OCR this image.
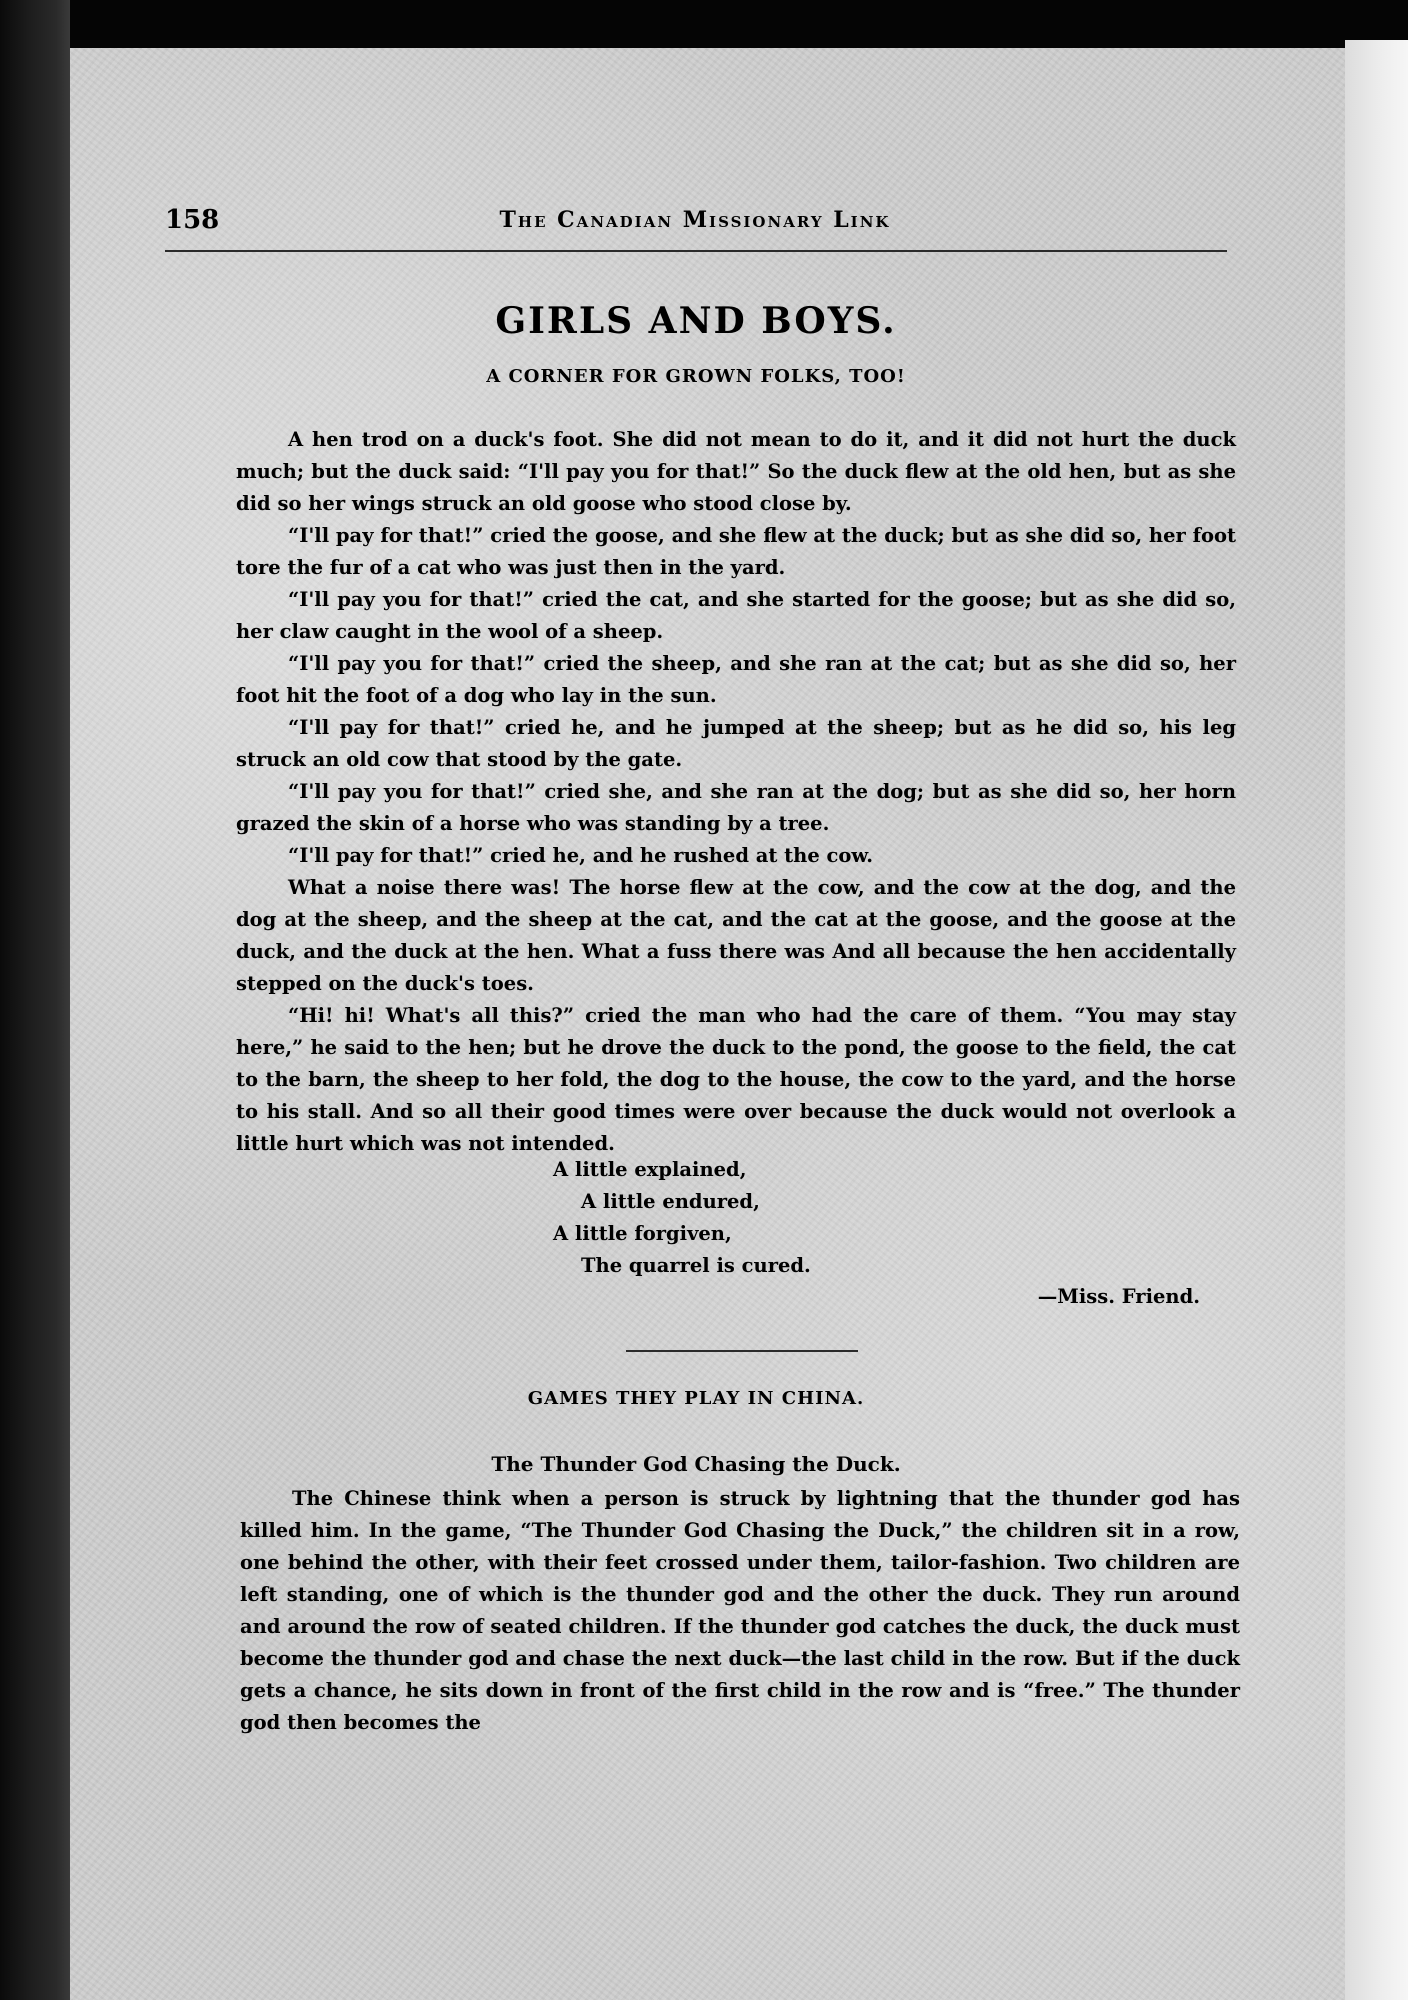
158	The Canadian Missionary Link
GIRLS AND BOYS.
A CORNER FOR GROWN FOLKS, TOO!

A hen trod on a duck's foot. She did not mean to do it, and it did not hurt the duck much; but the duck said: “I'll pay you for that!” So the duck flew at the old hen, but as she did so her wings struck an old goose who stood close by.

“I'll pay for that!” cried the goose, and she flew at the duck; but as she did so, her foot tore the fur of a cat who was just then in the yard.

“I'll pay you for that!” cried the cat, and she started for the goose; but as she did so, her claw caught in the wool of a sheep.

“I'll pay you for that!” cried the sheep, and she ran at the cat; but as she did so, her foot hit the foot of a dog who lay in the sun.

“I'll pay for that!” cried he, and he jumped at the sheep; but as he did so, his leg struck an old cow that stood by the gate.

“I'll pay you for that!” cried she, and she ran at the dog; but as she did so, her horn grazed the skin of a horse who was standing by a tree.

“I'll pay for that!” cried he, and he rushed at the cow.

What a noise there was! The horse flew at the cow, and the cow at the dog, and the dog at the sheep, and the sheep at the cat, and the cat at the goose, and the goose at the duck, and the duck at the hen. What a fuss there was And all because the hen accidentally stepped on the duck's toes.

“Hi! hi! What's all this?” cried the man who had the care of them. “You may stay here,” he said to the hen; but he drove the duck to the pond, the goose to the field, the cat to the barn, the sheep to her fold, the dog to the house, the cow to the yard, and the horse to his stall. And so all their good times were over because the duck would not overlook a little hurt which was not intended.

A little explained,
A little endured,
A little forgiven,
The quarrel is cured.
—Miss. Friend.
GAMES THEY PLAY IN CHINA.
The Thunder God Chasing the Duck.

The Chinese think when a person is struck by lightning that the thunder god has killed him. In the game, “The Thunder God Chasing the Duck,” the children sit in a row, one behind the other, with their feet crossed under them, tailor-fashion. Two children are left standing, one of which is the thunder god and the other the duck. They run around and around the row of seated children. If the thunder god catches the duck, the duck must become the thunder god and chase the next duck—the last child in the row. But if the duck gets a chance, he sits down in front of the first child in the row and is “free.” The thunder god then becomes the
